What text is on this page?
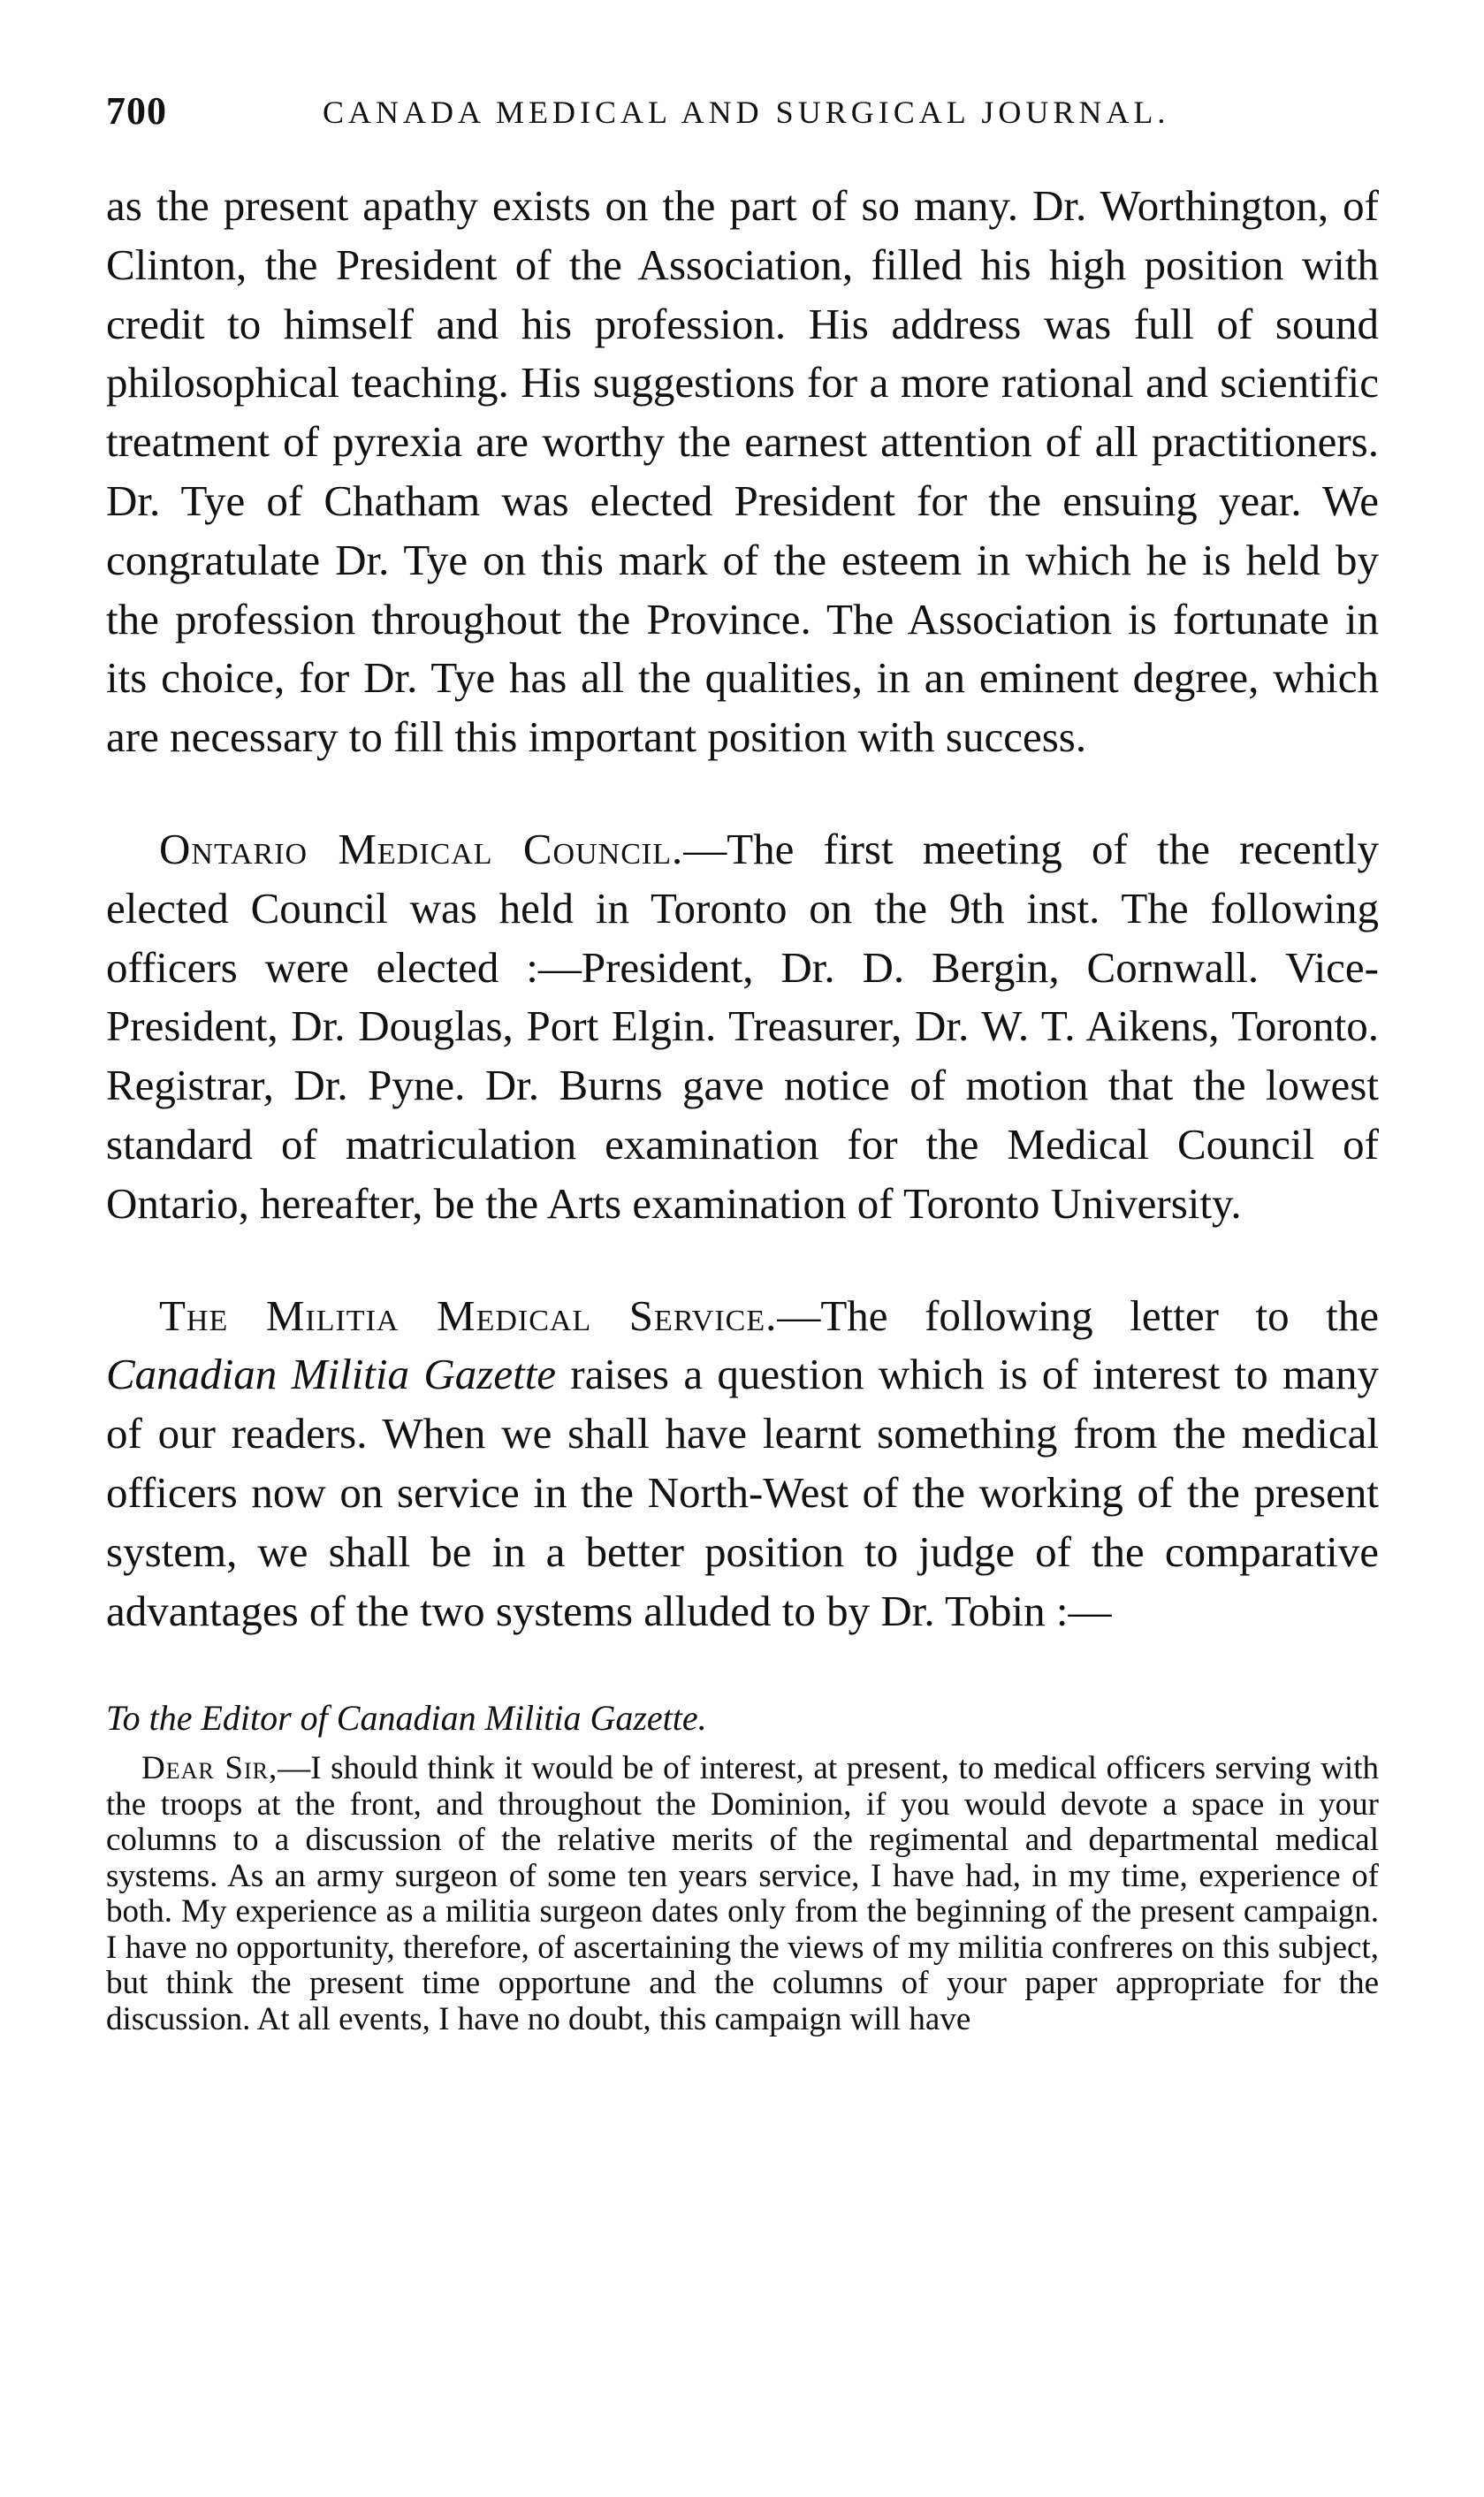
700	CANADA MEDICAL AND SURGICAL JOURNAL.

as the present apathy exists on the part of so many. Dr. Worthington, of Clinton, the President of the Association, filled his high position with credit to himself and his profession. His address was full of sound philosophical teaching. His suggestions for a more rational and scientific treatment of pyrexia are worthy the earnest attention of all practitioners. Dr. Tye of Chatham was elected President for the ensuing year. We congratulate Dr. Tye on this mark of the esteem in which he is held by the profession throughout the Province. The Association is fortunate in its choice, for Dr. Tye has all the qualities, in an eminent degree, which are necessary to fill this important position with success.

Ontario Medical Council.—The first meeting of the recently elected Council was held in Toronto on the 9th inst. The following officers were elected :—President, Dr. D. Bergin, Cornwall. Vice-President, Dr. Douglas, Port Elgin. Treasurer, Dr. W. T. Aikens, Toronto. Registrar, Dr. Pyne. Dr. Burns gave notice of motion that the lowest standard of matriculation examination for the Medical Council of Ontario, hereafter, be the Arts examination of Toronto University.

The Militia Medical Service.—The following letter to the Canadian Militia Gazette raises a question which is of interest to many of our readers. When we shall have learnt something from the medical officers now on service in the North-West of the working of the present system, we shall be in a better position to judge of the comparative advantages of the two systems alluded to by Dr. Tobin :—

To the Editor of Canadian Militia Gazette.

Dear Sir,—I should think it would be of interest, at present, to medical officers serving with the troops at the front, and throughout the Dominion, if you would devote a space in your columns to a discussion of the relative merits of the regimental and departmental medical systems. As an army surgeon of some ten years service, I have had, in my time, experience of both. My experience as a militia surgeon dates only from the beginning of the present campaign. I have no opportunity, therefore, of ascertaining the views of my militia confreres on this subject, but think the present time opportune and the columns of your paper appropriate for the discussion. At all events, I have no doubt, this campaign will have
